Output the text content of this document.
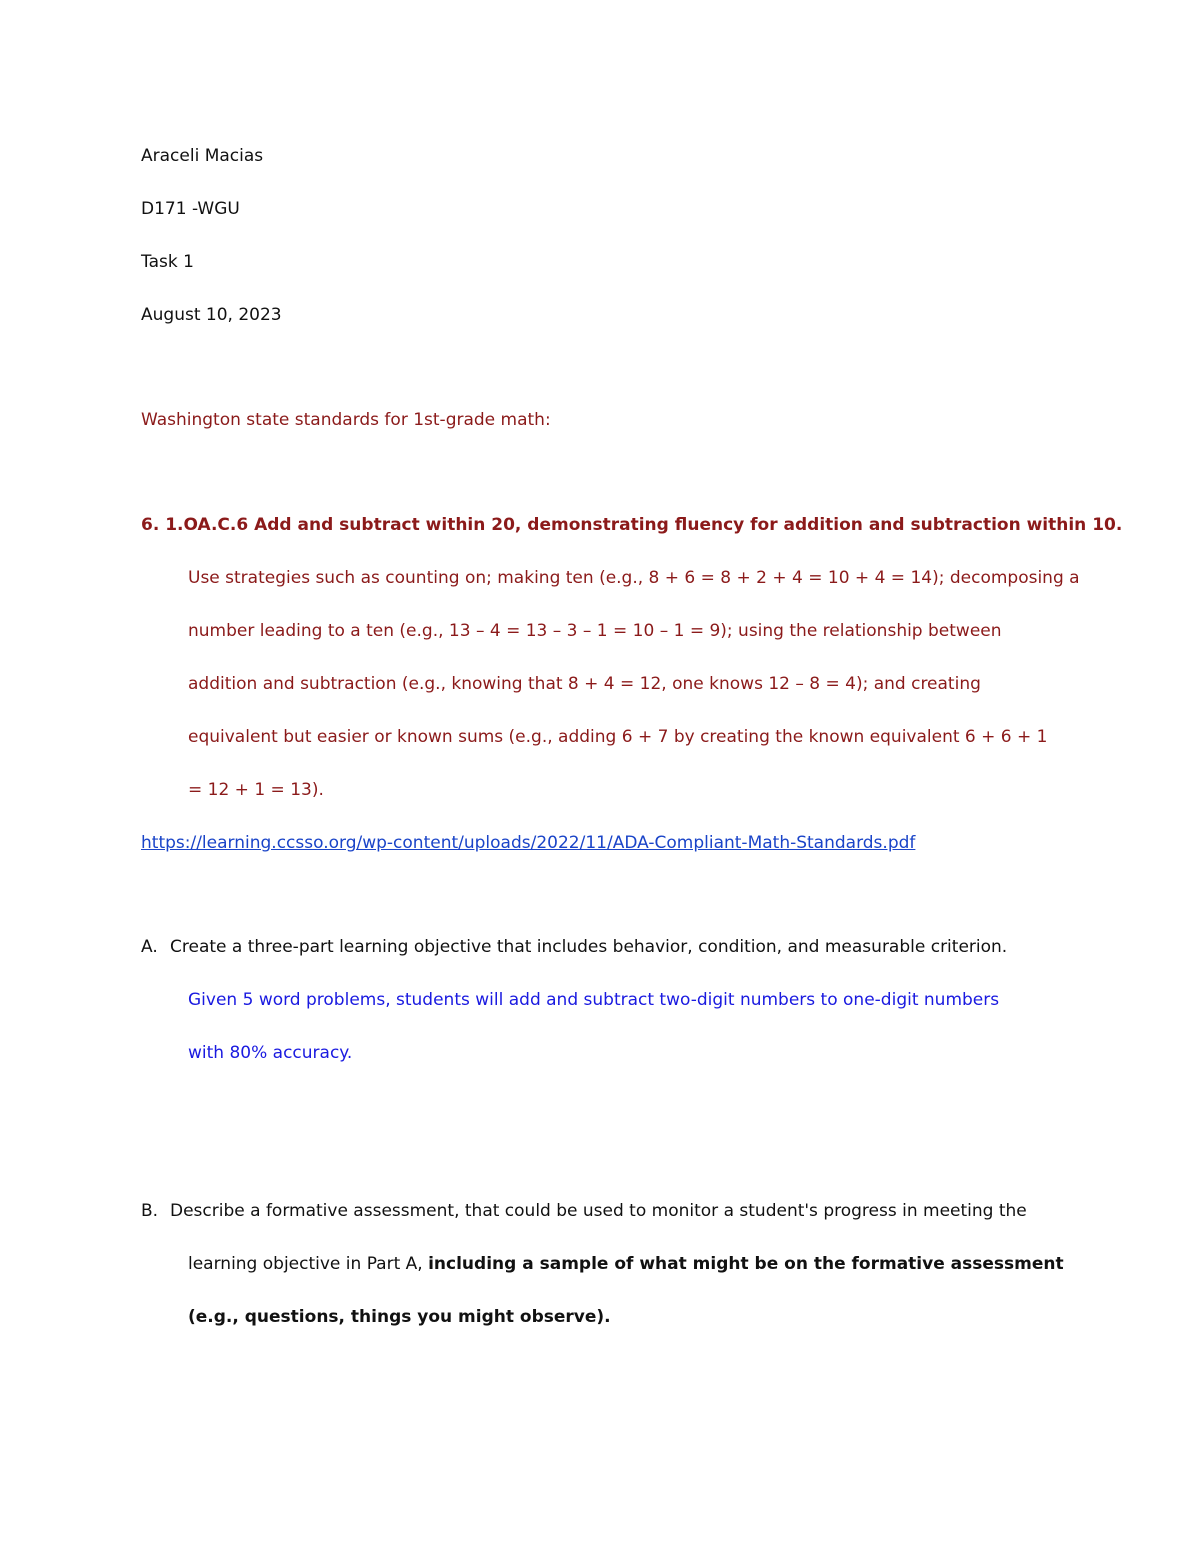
Araceli Macias
D171 -WGU
Task 1
August 10, 2023
Washington state standards for 1st-grade math:
6. 1.OA.C.6 Add and subtract within 20, demonstrating fluency for addition and subtraction within 10.
Use strategies such as counting on; making ten (e.g., 8 + 6 = 8 + 2 + 4 = 10 + 4 = 14); decomposing a
number leading to a ten (e.g., 13 – 4 = 13 – 3 – 1 = 10 – 1 = 9); using the relationship between
addition and subtraction (e.g., knowing that 8 + 4 = 12, one knows 12 – 8 = 4); and creating
equivalent but easier or known sums (e.g., adding 6 + 7 by creating the known equivalent 6 + 6 + 1
= 12 + 1 = 13).
https://learning.ccsso.org/wp-content/uploads/2022/11/ADA-Compliant-Math-Standards.pdf
A. Create a three-part learning objective that includes behavior, condition, and measurable criterion.
Given 5 word problems, students will add and subtract two-digit numbers to one-digit numbers
with 80% accuracy.
B. Describe a formative assessment, that could be used to monitor a student's progress in meeting the
learning objective in Part A, including a sample of what might be on the formative assessment
(e.g., questions, things you might observe).
